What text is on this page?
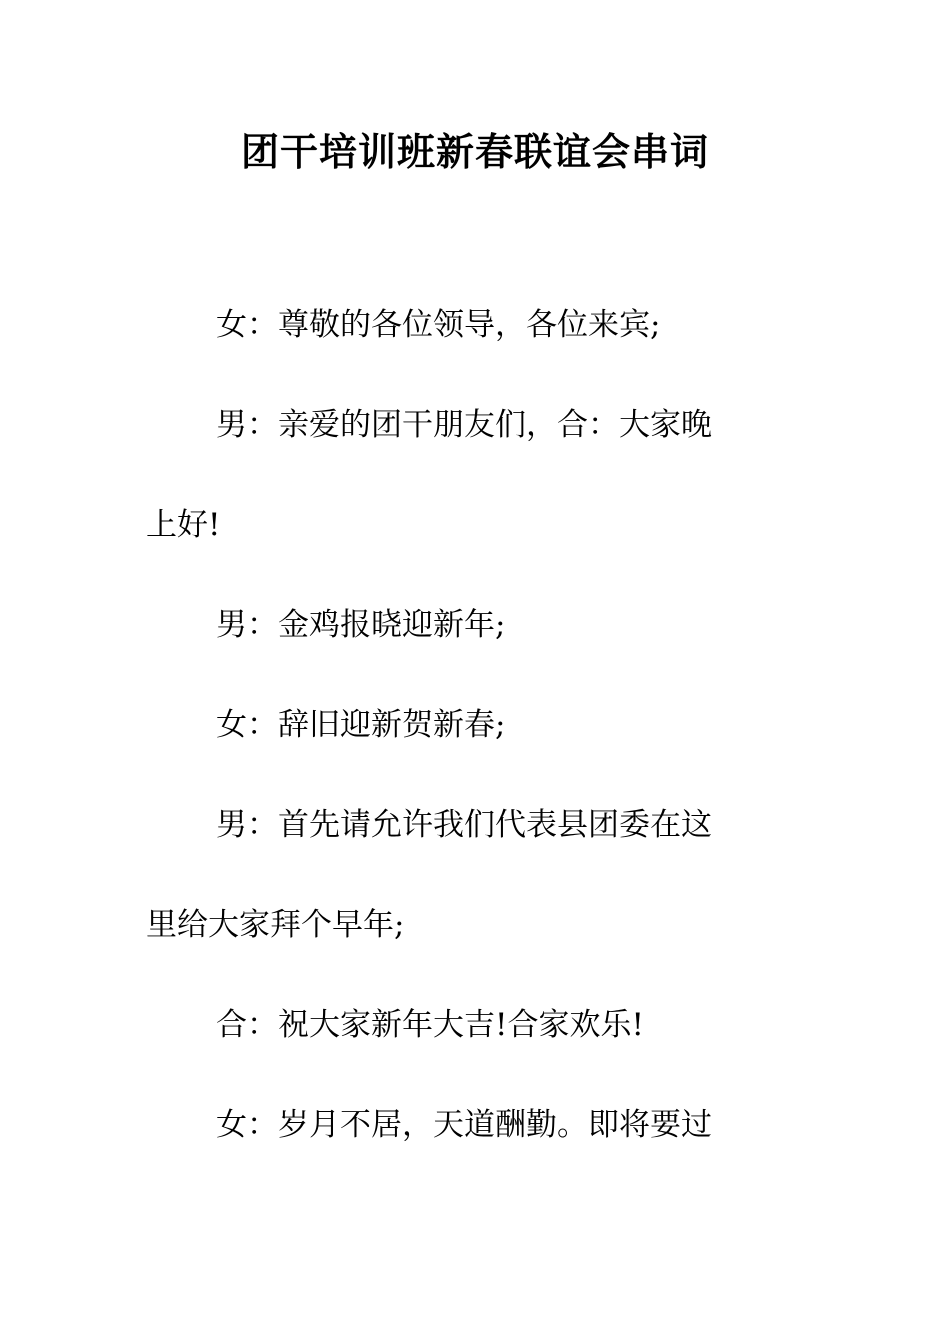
团干培训班新春联谊会串词

女：尊敬的各位领导，各位来宾;

男：亲爱的团干朋友们，合：大家晚
上好!

男：金鸡报晓迎新年;

女：辞旧迎新贺新春;

男：首先请允许我们代表县团委在这
里给大家拜个早年;

合：祝大家新年大吉!合家欢乐!

女：岁月不居，天道酬勤。即将要过
